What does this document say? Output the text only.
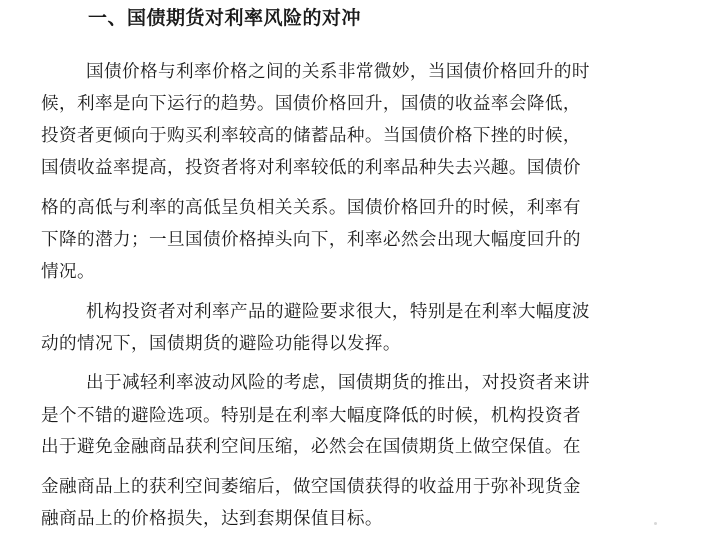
一、国债期货对利率风险的对冲
国债价格与利率价格之间的关系非常微妙，当国债价格回升的时
候，利率是向下运行的趋势。国债价格回升，国债的收益率会降低，
投资者更倾向于购买利率较高的储蓄品种。当国债价格下挫的时候，
国债收益率提高，投资者将对利率较低的利率品种失去兴趣。国债价
格的高低与利率的高低呈负相关关系。国债价格回升的时候，利率有
下降的潜力；一旦国债价格掉头向下，利率必然会出现大幅度回升的
情况。
机构投资者对利率产品的避险要求很大，特别是在利率大幅度波
动的情况下，国债期货的避险功能得以发挥。
出于减轻利率波动风险的考虑，国债期货的推出，对投资者来讲
是个不错的避险选项。特别是在利率大幅度降低的时候，机构投资者
出于避免金融商品获利空间压缩，必然会在国债期货上做空保值。在
金融商品上的获利空间萎缩后，做空国债获得的收益用于弥补现货金
融商品上的价格损失，达到套期保值目标。
